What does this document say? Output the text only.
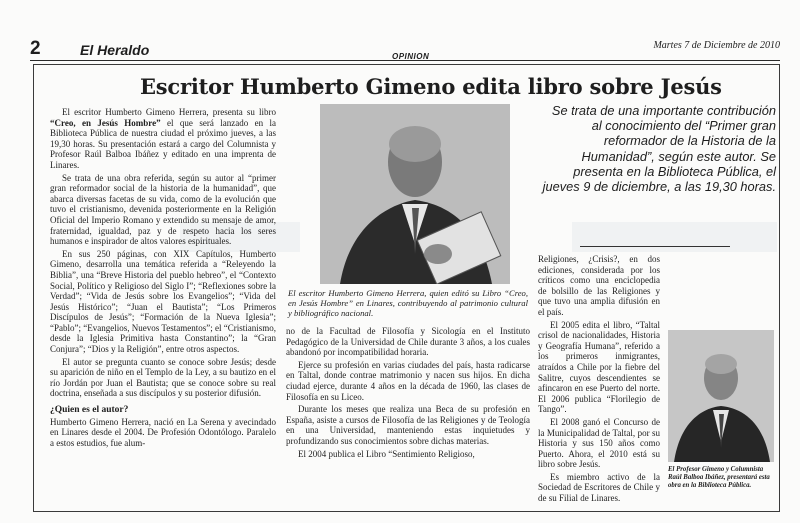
2	El Heraldo	OPINION
Martes 7 de Diciembre de 2010
Escritor Humberto Gimeno edita libro sobre Jesús

El escritor Humberto Gimeno Herrera, presenta su libro “Creo, en Jesús Hombre” el que será lanzado en la Biblioteca Pública de nuestra ciudad el próximo jueves, a las 19,30 horas. Su presentación estará a cargo del Columnista y Profesor Raúl Balboa Ibáñez y editado en una imprenta de Linares.

Se trata de una obra referida, según su autor al “primer gran reformador social de la historia de la humanidad”, que abarca diversas facetas de su vida, como de la evolución que tuvo el cristianismo, devenida posteriormente en la Religión Oficial del Imperio Romano y extendido su mensaje de amor, fraternidad, igualdad, paz y de respeto hacia los seres humanos e inspirador de altos valores espirituales.

En sus 250 páginas, con XIX Capítulos, Humberto Gimeno, desarrolla una temática referida a “Releyendo la Biblia”, una “Breve Historia del pueblo hebreo”, el “Contexto Social, Político y Religioso del Siglo I”; “Reflexiones sobre la Verdad”; “Vida de Jesús sobre los Evangelios”; “Vida del Jesús Histórico”; “Juan el Bautista”; “Los Primeros Discípulos de Jesús”; “Formación de la Nueva Iglesia”; “Pablo”; “Evangelios, Nuevos Testamentos”; el “Cristianismo, desde la Iglesia Primitiva hasta Constantino”; la “Gran Conjura”; “Dios y la Religión”, entre otros aspectos.

El autor se pregunta cuanto se conoce sobre Jesús; desde su aparición de niño en el Templo de la Ley, a su bautizo en el río Jordán por Juan el Bautista; que se conoce sobre su real doctrina, enseñada a sus discípulos y su posterior difusión.

¿Quien es el autor?

Humberto Gimeno Herrera, nació en La Serena y avecindado en Linares desde el 2004. De Profesión Odontólogo. Paralelo a estos estudios, fue alum-

El escritor Humberto Gimeno Herrera, quien editó su Libro “Creo, en Jesús Hombre” en Linares, contribuyendo al patrimonio cultural y bibliográfico nacional.

no de la Facultad de Filosofía y Sicología en el Instituto Pedagógico de la Universidad de Chile durante 3 años, a los cuales abandonó por incompatibilidad horaria.

Ejerce su profesión en varias ciudades del país, hasta radicarse en Taltal, donde contrae matrimonio y nacen sus hijos. En dicha ciudad ejerce, durante 4 años en la década de 1960, las clases de Filosofía en su Liceo.

Durante los meses que realiza una Beca de su profesión en España, asiste a cursos de Filosofía de las Religiones y de Teología en una Universidad, manteniendo estas inquietudes y profundizando sus conocimientos sobre dichas materias.

El 2004 publica el Libro “Sentimiento Religioso,

Se trata de una importante contribución al conocimiento del “Primer gran reformador de la Historia de la Humanidad”, según este autor. Se presenta en la Biblioteca Pública, el jueves 9 de diciembre, a las 19,30 horas.

Religiones, ¿Crisis?, en dos ediciones, considerada por los críticos como una enciclopedia de bolsillo de las Religiones y que tuvo una amplia difusión en el país.

El 2005 edita el libro, “Taltal crisol de nacionalidades, Historia y Geografía Humana”, referido a los primeros inmigrantes, atraídos a Chile por la fiebre del Salitre, cuyos descendientes se afincaron en ese Puerto del norte. El 2006 publica “Florilegio de Tango”.

El 2008 ganó el Concurso de la Municipalidad de Taltal, por su Historia y sus 150 años como Puerto. Ahora, el 2010 está su libro sobre Jesús.

Es miembro activo de la Sociedad de Escritores de Chile y de su Filial de Linares.

El Profesor Gimeno y Columnista Raúl Balboa Ibáñez, presentará esta obra en la Biblioteca Pública.
